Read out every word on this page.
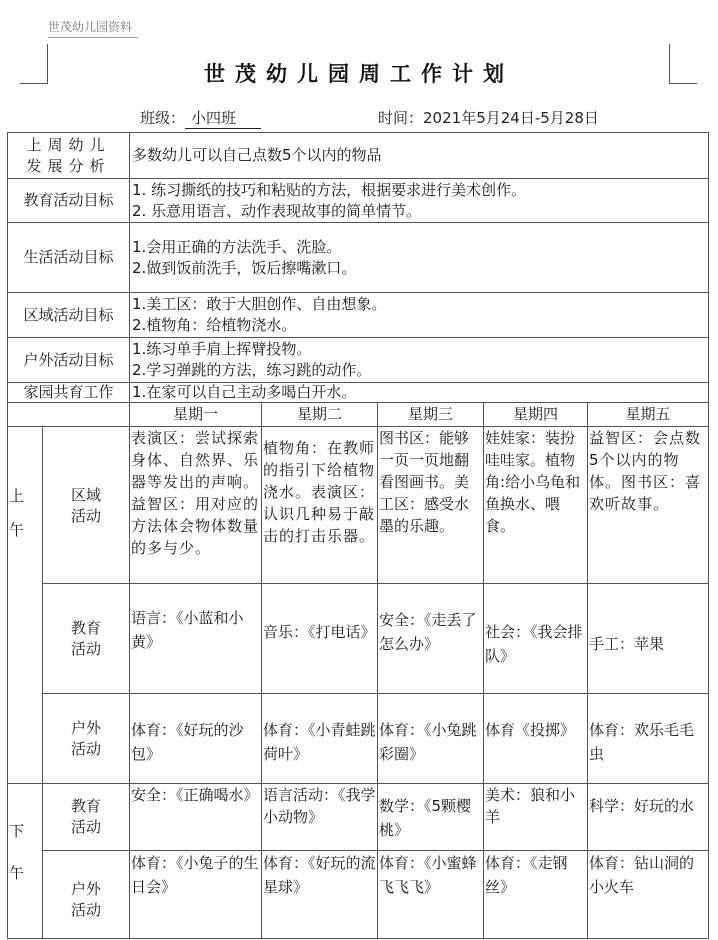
世茂幼儿园资料
世茂幼儿园周工作计划
班级： 小四班	时间：2021年5月24日-5月28日
上周幼儿
发展分析		多数幼儿可以自己点数5个以内的物品				
教育活动目标		1. 练习撕纸的技巧和粘贴的方法，根据要求进行美术创作。
2. 乐意用语言、动作表现故事的简单情节。				

生活活动目标		1.会用正确的方法洗手、洗脸。
2.做到饭前洗手，饭后擦嘴漱口。				

区域活动目标		1.美工区：敢于大胆创作、自由想象。
2.植物角：给植物浇水。				

户外活动目标		1.练习单手肩上挥臂投物。
2.学习弹跳的方法，练习跳的动作。				

家园共育工作		1.在家可以自己主动多喝白开水。				
		星期一	星期二	星期三	星期四	星期五

上
午	区域
活动	表演区：尝试探索身体、自然界、乐器等发出的声响。益智区：用对应的方法体会物体数量的多与少。	植物角：在教师的指引下给植物浇水。表演区：认识几种易于敲击的打击乐器。	图书区：能够一页一页地翻看图画书。美工区：感受水墨的乐趣。	娃娃家：装扮哇哇家。植物角:给小乌龟和鱼换水、喂食。	益智区：会点数5个以内的物体。图书区：喜欢听故事。

	教育
活动	语言：《小蓝和小黄》	音乐：《打电话》	安全：《走丢了怎么办》	社会：《我会排队》	手工：苹果

	户外
活动	体育：《好玩的沙包》	体育：《小青蛙跳荷叶》	体育：《小兔跳彩圈》	体育《投掷》	体育：欢乐毛毛虫

下
午	教育
活动	安全：《正确喝水》	语言活动：《我学小动物》	数学：《5颗樱桃》	美术：狼和小羊	科学：好玩的水

	户外
活动	体育：《小兔子的生日会》	体育：《好玩的流星球》	体育：《小蜜蜂飞飞飞》	体育：《走钢丝》	体育：钻山洞的小火车
